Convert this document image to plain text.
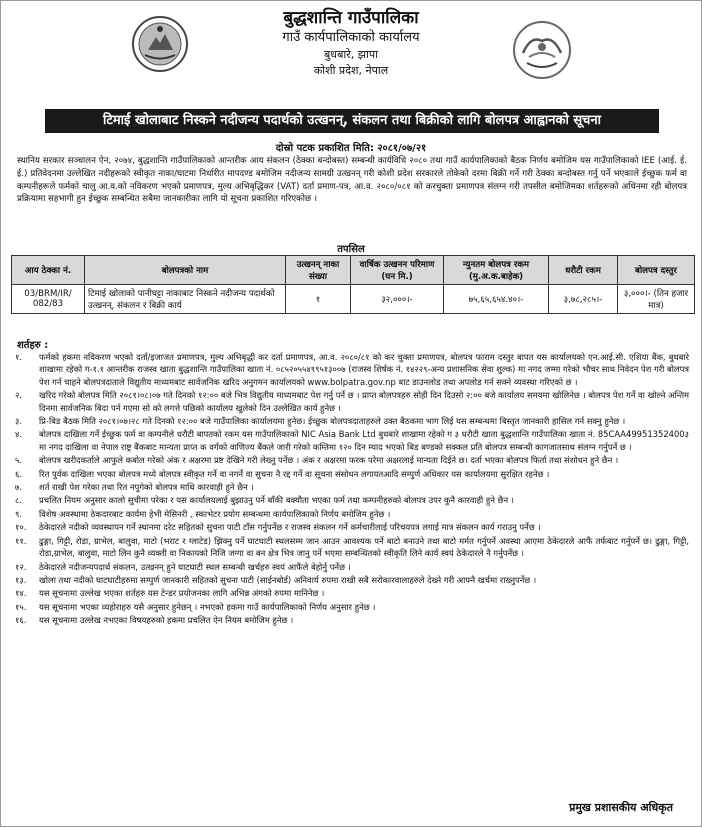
बुद्धशान्ति गाउँपालिका
गाउँ कार्यपालिकाको कार्यालय
बुधबारे, झापा
कोशी प्रदेश, नेपाल
टिमाई खोलाबाट निस्कने नदीजन्य पदार्थको उत्खनन्, संकलन तथा बिक्रीको लागि बोलपत्र आह्वानको सूचना
दोस्रो पटक प्रकाशित मिति: २०८१/०७/२१
स्थानिय सरकार सञ्चालन ऐन, २०७४, बुद्धशान्ति गाउँपालिकाको आन्तरीक आय संकलन (ठेक्का बन्दोबस्त) सम्बन्धी कार्यविधि २०८० तथा गाउँ कार्यपालिकाको बैठक निर्णय बमोजिम यस गाउँपालिकाको IEE (आई. ई. ई.) प्रतिवेदनमा उल्लेखित नदीहरूको स्वीकृत नाका/घाटमा निर्धारीत मापदण्ड बमोजिम नदीजन्य सामग्री उत्खनन् गरी कोशी प्रदेश सरकारले तोकेको दरमा बिक्री गर्ने गरी ठेक्का बन्दोबस्त गर्नु पर्ने भएकाले ईच्छुक फर्म वा कम्पनीहरूले फर्मको चालु आ.व.को नविकरण भएको प्रमाणपत्र, मुल्य अभिबृद्धिकर (VAT) दर्ता प्रमाण-पत्र, आ.व. २०८०/०८१ को करचुक्ता प्रमाणपत्र संलग्न गरी तपसील बमोजिमका शर्तहरूको अधिनमा रही बोलपत्र प्रक्रियामा सहभागी हुन ईच्छुक सम्बन्धित सबैमा जानकारीका लागि यो सूचना प्रकाशित गरिएकोछ ।
तपसिल
आय ठेक्का नं.	बोलपत्रको नाम	उत्खनन् नाका संख्या	वार्षिक उत्खनन परिमाण (घन मि.)	न्युनतम बोलपत्र रकम (मु.अ.क.बाहेक)	धरौटी रकम	बोलपत्र दस्तुर
03/BRM/IR/ 082/83	टिमाई खोलाको पानीघट्टा नाकाबाट निस्कने नदीजन्य पदार्थको उत्खनन्, संकलन र बिक्री कार्य	१	३२,०००।-	७५,६५,६५४.४०।-	३,७८,२८५।-	३,०००।- (तिन हजार मात्र)
शर्तहरु :
१.	फर्मको हकमा नविकरण भएको दर्ता/इजाजत प्रमाणपत्र, मुल्य अभिबृद्धी कर दर्ता प्रमाणपत्र, आ.व. २०८०/८१ को कर चुक्ता प्रमाणपत्र, बोलपत्र फाराम दस्तुर बापत यस कार्यालयको एन.आई.सी. एशिया बैंक, बुधबारे शाखामा रहेको ग-१.१ आन्तरीक राजस्व खाता बुद्धशान्ति गाउँपालिका खाता नं. ०८५२०५५४९९५१३००७ (राजस्व शिर्षक नं. १४२२९-अन्य प्रशासनिक सेवा शुल्क) मा नगद जम्मा गरेको भौचर साथ निवेदन पेश गरी बोलपत्र पेश गर्न चाहने बोलपत्रदाताले विद्युतीय माध्यमबाट सार्वजनिक खरिद अनुगमन कार्यालयको www.bolpatra.gov.np बाट डाउनलोड तथा अपलोड गर्न सक्ने व्यवस्था गरिएको छ ।
२.	खरिद गरेको बोलपत्र मिति २०८१।०८।०७ गते दिनको १२:०० बजे भित्र विद्युतीय माध्यमबाट पेश गर्नु पर्ने छ । प्राप्त बोलपत्रहरु सोही दिन दिउसो २:०० बजे कार्यालय समयमा खोलिनेछ । बोलपत्र पेश गर्ने वा खोल्ने अन्तिम दिनमा सार्वजनिक बिदा पर्न गएमा सो को लगत्ते पछिको कार्यालय खुलेको दिन उल्लेखित कार्य हुनेछ ।
३.	प्रि-बिड बैठक मिति २०८१।०७।२८ गते दिनको १२:०० बजे गाउँपालिका कार्यालयमा हुनेछ। ईच्छुक बोलपत्रदाताहरुले उक्त बैठकमा भाग लिई यस सम्बन्धमा बिस्तृत जानकारी हासिल गर्न सक्नु हुनेछ ।
४.	बोलपत्र दाखिला गर्ने ईच्छुक फर्म वा कम्पनीले धरौटी बापतको रकम यस गाउँपालिकाको NIC Asia Bank Ltd बुधबारे शाखामा रहेको ग ३ धरौटी खाता बुद्धशान्ति गाउँपालिका खाता नं. 85CAA49951352400३ मा नगद दाखिला वा नेपाल राष्ट्र बैंकबाट मान्यता प्राप्त क वर्गको वाणिज्य बैंकले जारी गरेको कम्तिमा १२० दिन म्याद भएको बिड बण्डको सक्कल प्रति बोलपत्र सम्बन्धी कागजातसाथ संलग्न गर्नुपर्ने छ ।
५.	बोलपत्र खरीदकर्ताले आफुले कबोल गरेको अंक र अक्षरमा प्रष्ट देखिने गरी लेख्नु पर्नेछ । अंक र अक्षरमा फरक परेमा अक्षरलाई मान्यता दिईने छ। दर्ता भएका बोलपत्र फिर्ता तथा संशोधन हुने छैन ।
६.	रित पुर्वक दाखिला भएका बोलपत्र मध्ये बोलपत्र स्वीकृत गर्ने वा नगर्ने वा सुचना नै रद्द गर्ने वा सूचना संसोधन लगायतआदि सम्पुर्ण अधिकार यस कार्यालयमा सुरक्षित रहनेछ ।
७.	शर्त राखी पेश गरेका तथा रित नपुगेको बोलपत्र माथि कारवाही हुने छैन ।
८.	प्रचलित नियम अनुसार कालो सुचीमा परेका र यस कार्यालयलाई बुझाउनु पर्ने बाँकी बक्यौता भएका फर्म तथा कम्पनीहरुको बोलपत्र उपर कुनै कारवाही हुने छैन ।
९.	विशेष अवस्थामा ठेकदारबाट कार्यमा हेभी मेसिनरी , स्काभेटर प्रयोग सम्बन्धमा कार्यपालिकाको निर्णय बमोजिम हुनेछ ।
१०.	ठेकेदारले नदीको व्यवस्थापन गर्ने स्थानमा दरेट सहितको सुचना पाटी टाँस गर्नुपर्नेछ र राजस्व संकलन गर्ने कर्मचारीलाई परिचयपत्र लगाई मात्र संकलन कार्य गराउनु पर्नेछ ।
११.	ढुङ्गा, गिट्टी, रोडा, ग्राभेल, बालुवा, माटो (भराट र ग्लाटेड) झिक्नु पर्ने घाटघाटी स्थलसम्म जान आउन आवश्यक पर्ने बाटो बनाउने तथा बाटो मर्मत गर्नुपर्ने अवस्था आएमा ठेकेदारले आफैं तर्फबाट गर्नुपर्ने छ। ढुङ्गा, गिट्टी, रोडा,ग्राभेल, बालुवा, माटो लिन कुनै व्यक्ती वा निकायको निजि जग्गा वा बन क्षेत्र भित्र जानु पर्ने भएमा सम्बन्धितको स्वीकृति लिने कार्य स्वयं ठेकेदारले नै गर्नुपर्नेछ ।
१२.	ठेकेदारले नदीजन्यपदार्थ संकलन, उत्खनन् हुने घाटघाटी स्थल सम्बन्धी खर्चहरु स्वयं आफैंले बेहोर्नु पर्नेछ ।
१३.	खोला तथा नदीको घाटघाटीहरुमा सम्पुर्ण जानकारी सहितको सुचना पाटी (साईनबोर्ड) अनिवार्य रुपमा राखी सबै सरोकारवालाहरुले देख्ने गरी आफ्नै खर्चमा राख्नुपर्नेछ ।
१४.	यस सूचनामा उल्लेख भएका शर्तहरु यस टेन्डर प्रयोजनका लागि अभिन्न अंगको रुपमा मानिनेछ ।
१५.	यस सूचनामा भएका व्यहोराहरु यसै अनुसार हुनेछन् । नभएको हकमा गाउँ कार्यपालिकाको निर्णय अनुसार हुनेछ ।
१६.	यस सूचनामा उल्लेख नभएका विषयहरुको हकमा प्रचलित ऐन नियम बमोजिम हुनेछ ।
प्रमुख प्रशासकीय अधिकृत
